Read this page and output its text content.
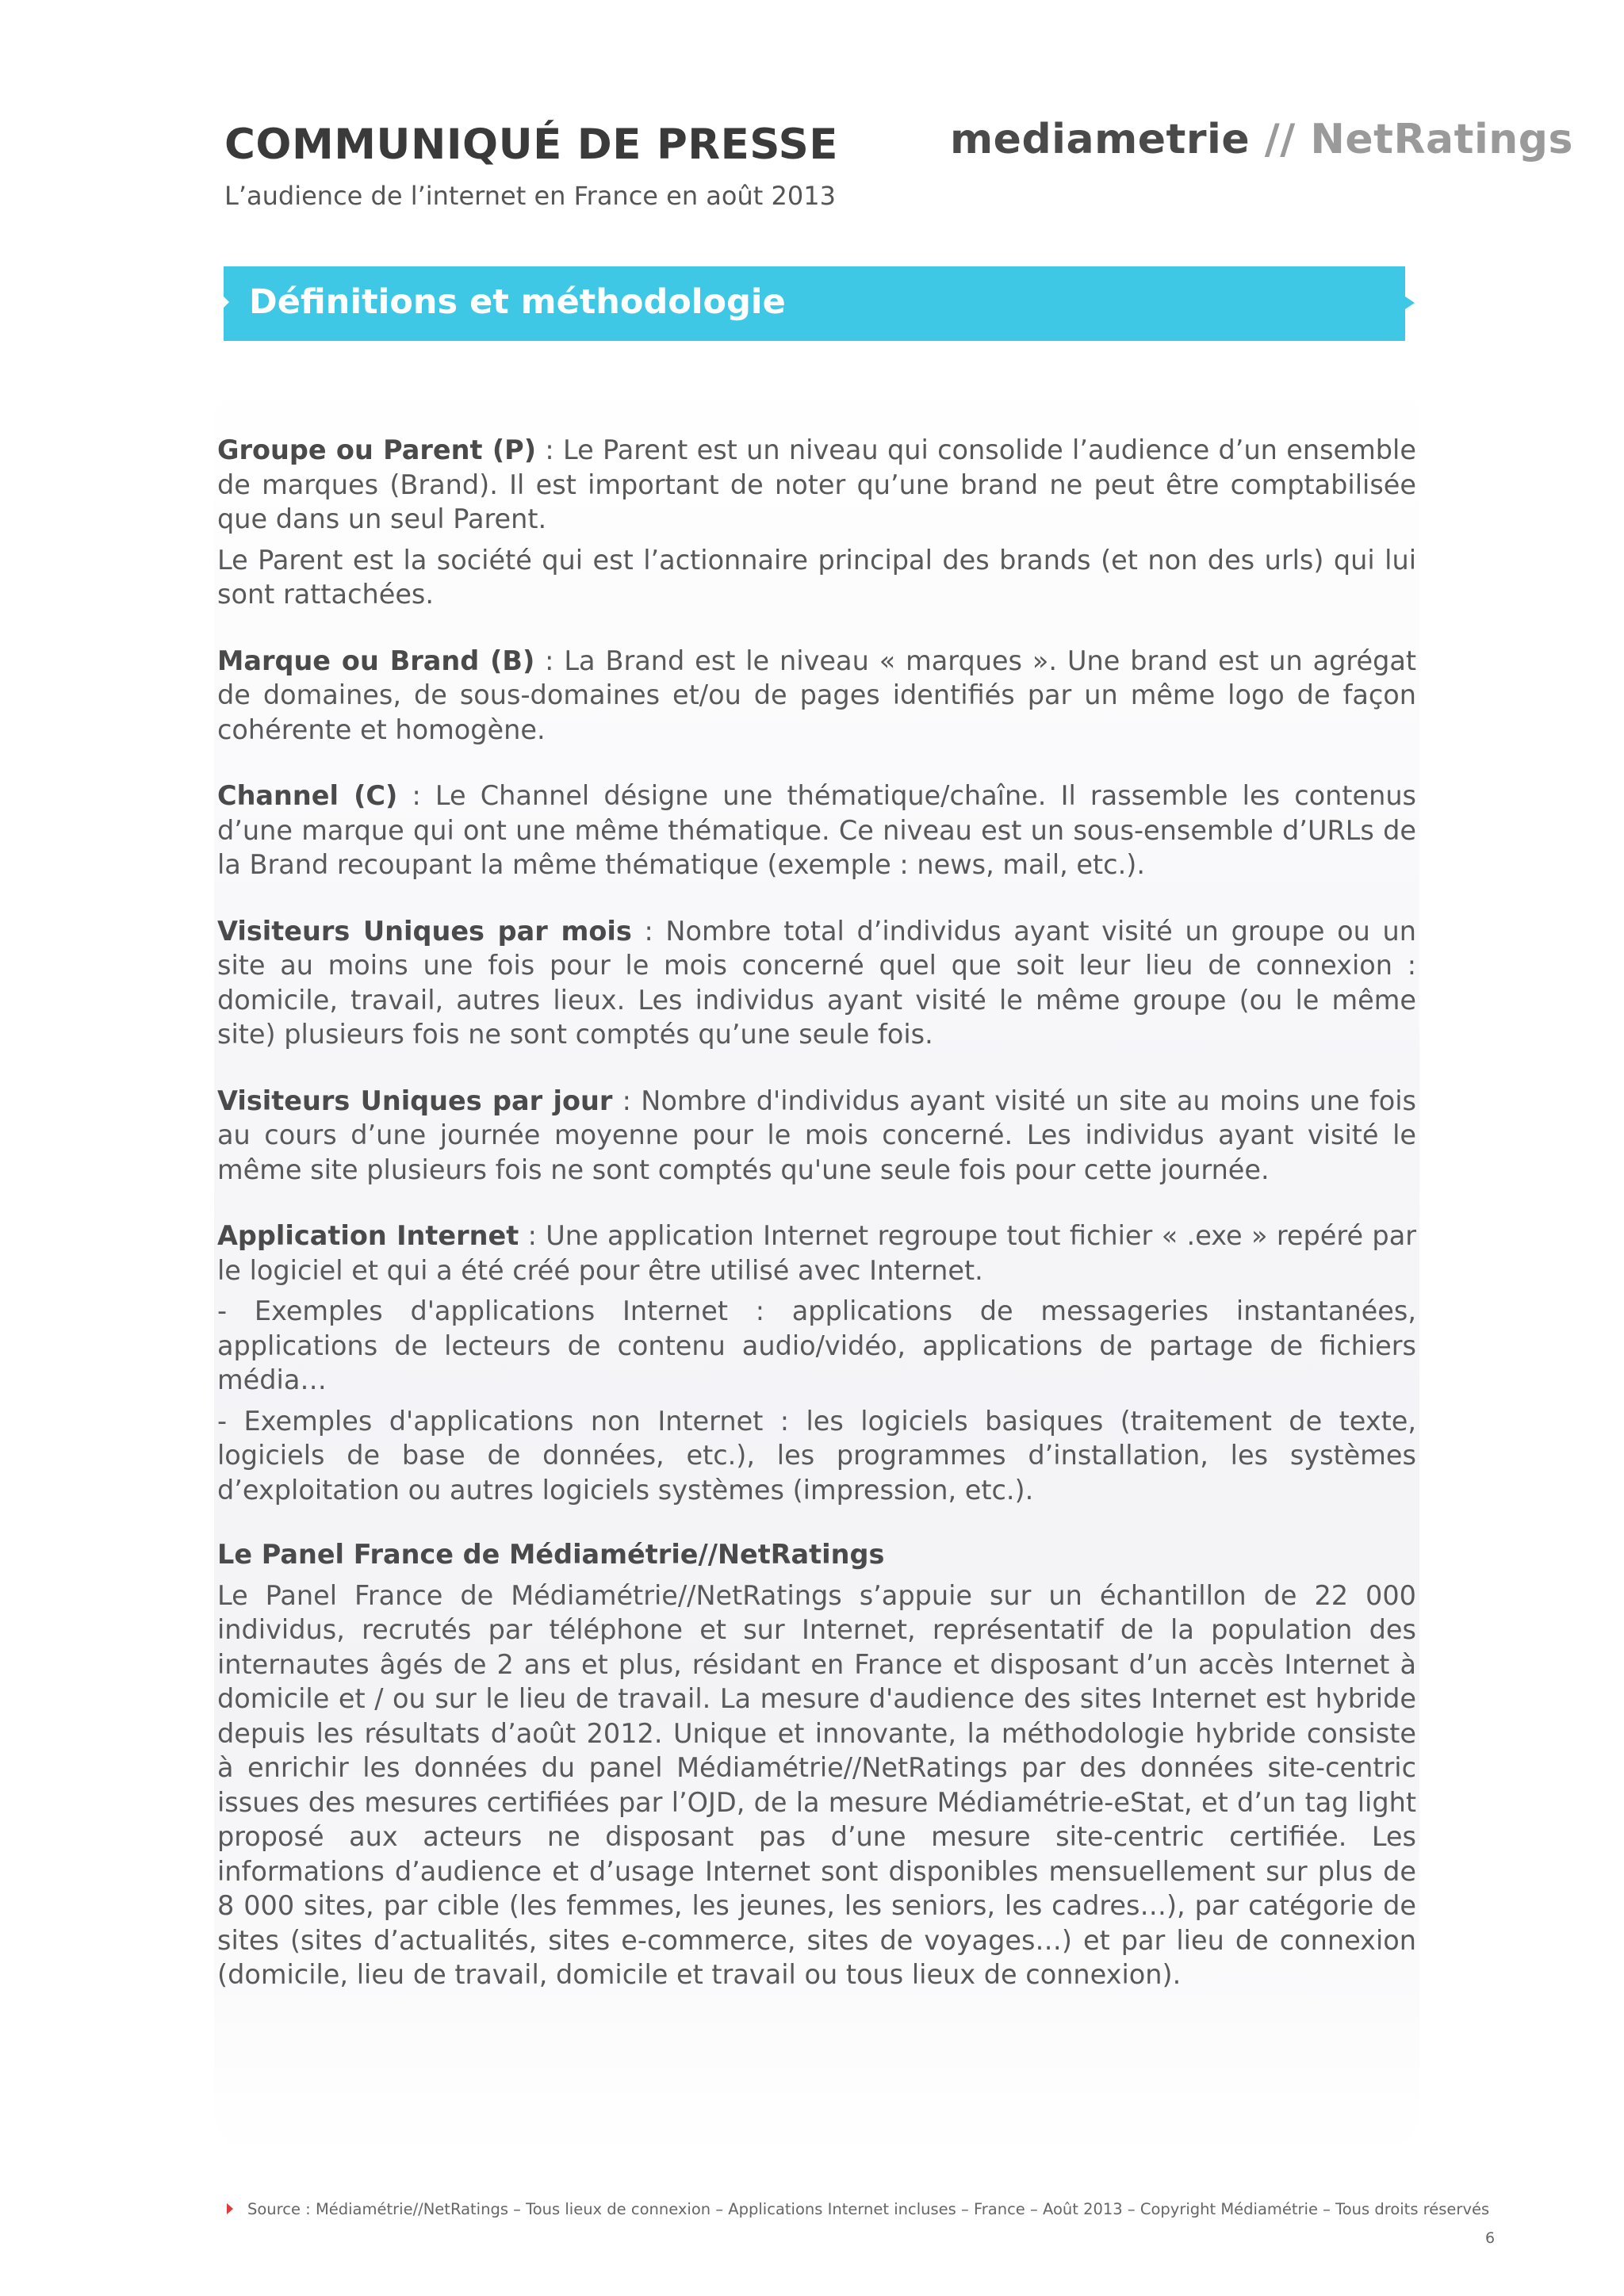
COMMUNIQUÉ DE PRESSE
L’audience de l’internet en France en août 2013
mediametrie // NetRatings
Définitions et méthodologie

Groupe ou Parent (P) : Le Parent est un niveau qui consolide l’audience d’un ensemble de marques (Brand). Il est important de noter qu’une brand ne peut être comptabilisée que dans un seul Parent.

Le Parent est la société qui est l’actionnaire principal des brands (et non des urls) qui lui sont rattachées.

Marque ou Brand (B) : La Brand est le niveau « marques ». Une brand est un agrégat de domaines, de sous-domaines et/ou de pages identifiés par un même logo de façon cohérente et homogène.

Channel (C) : Le Channel désigne une thématique/chaîne. Il rassemble les contenus d’une marque qui ont une même thématique. Ce niveau est un sous-ensemble d’URLs de la Brand recoupant la même thématique (exemple : news, mail, etc.).

Visiteurs Uniques par mois : Nombre total d’individus ayant visité un groupe ou un site au moins une fois pour le mois concerné quel que soit leur lieu de connexion : domicile, travail, autres lieux. Les individus ayant visité le même groupe (ou le même site) plusieurs fois ne sont comptés qu’une seule fois.

Visiteurs Uniques par jour : Nombre d'individus ayant visité un site au moins une fois au cours d’une journée moyenne pour le mois concerné. Les individus ayant visité le même site plusieurs fois ne sont comptés qu'une seule fois pour cette journée.

Application Internet : Une application Internet regroupe tout fichier « .exe » repéré par le logiciel et qui a été créé pour être utilisé avec Internet.

- Exemples d'applications Internet : applications de messageries instantanées, applications de lecteurs de contenu audio/vidéo, applications de partage de fichiers média…

- Exemples d'applications non Internet : les logiciels basiques (traitement de texte, logiciels de base de données, etc.), les programmes d’installation, les systèmes d’exploitation ou autres logiciels systèmes (impression, etc.).

Le Panel France de Médiamétrie//NetRatings

Le Panel France de Médiamétrie//NetRatings s’appuie sur un échantillon de 22 000 individus, recrutés par téléphone et sur Internet, représentatif de la population des internautes âgés de 2 ans et plus, résidant en France et disposant d’un accès Internet à domicile et / ou sur le lieu de travail. La mesure d'audience des sites Internet est hybride depuis les résultats d’août 2012. Unique et innovante, la méthodologie hybride consiste à enrichir les données du panel Médiamétrie//NetRatings par des données site-centric issues des mesures certifiées par l’OJD, de la mesure Médiamétrie-eStat, et d’un tag light proposé aux acteurs ne disposant pas d’une mesure site-centric certifiée. Les informations d’audience et d’usage Internet sont disponibles mensuellement sur plus de 8 000 sites, par cible (les femmes, les jeunes, les seniors, les cadres…), par catégorie de sites (sites d’actualités, sites e-commerce, sites de voyages…) et par lieu de connexion (domicile, lieu de travail, domicile et travail ou tous lieux de connexion).

Source : Médiamétrie//NetRatings – Tous lieux de connexion – Applications Internet incluses – France – Août 2013 – Copyright Médiamétrie – Tous droits réservés
6
